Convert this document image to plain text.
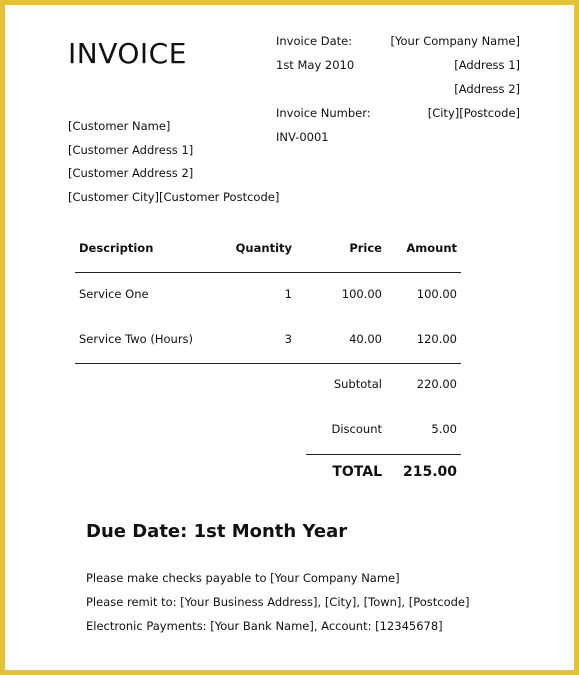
INVOICE	Invoice Date:
1st May 2010
Invoice Number:
INV-0001
[Your Company Name]
[Address 1]
[Address 2]
[City][Postcode]
[Customer Name]
[Customer Address 1]
[Customer Address 2]
[Customer City][Customer Postcode]
Description	Quantity	Price Amount
Service One	1	100.00	100.00
Service Two (Hours)	3	40.00	120.00
Subtotal	220.00
Discount	5.00
TOTAL 215.00
Due Date: 1st Month Year
Please make checks payable to [Your Company Name]
Please remit to: [Your Business Address], [City], [Town], [Postcode]
Electronic Payments: [Your Bank Name], Account: [12345678]
